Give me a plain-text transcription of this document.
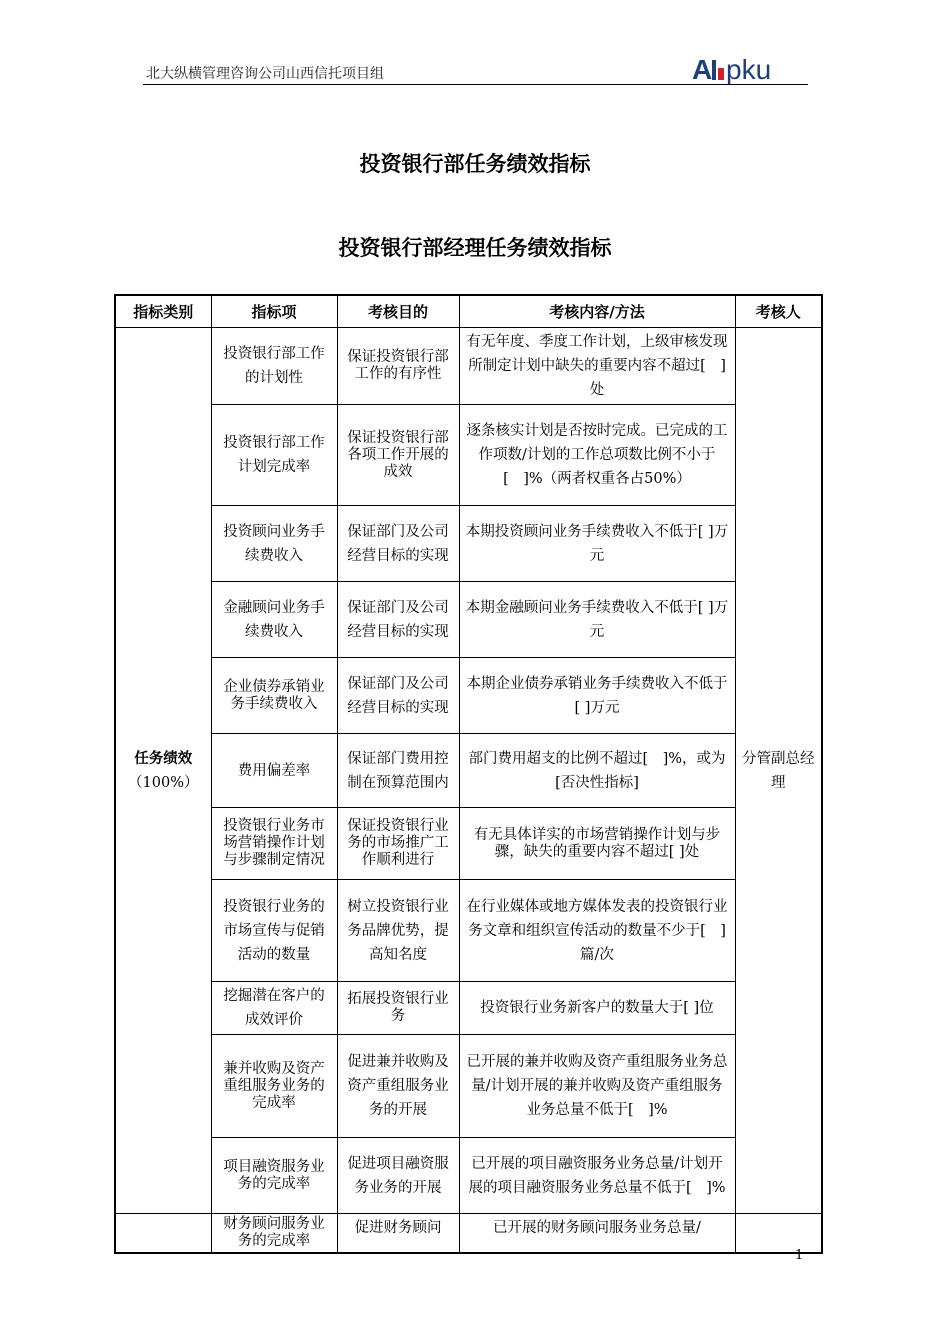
北大纵横管理咨询公司山西信托项目组	A pku
投资银行部任务绩效指标
投资银行部经理任务绩效指标
指标类别	指标项	考核目的	考核内容/方法	考核人

任务绩效
（100%）	投资银行部工作的计划性	保证投资银行部工作的有序性	有无年度、季度工作计划，上级审核发现所制定计划中缺失的重要内容不超过[　]处	分管副总经理
	投资银行部工作计划完成率	保证投资银行部各项工作开展的成效	逐条核实计划是否按时完成。已完成的工作项数/计划的工作总项数比例不小于[　]%（两者权重各占50%）	
	投资顾问业务手续费收入	保证部门及公司经营目标的实现	本期投资顾问业务手续费收入不低于[ ]万元	
	金融顾问业务手续费收入	保证部门及公司经营目标的实现	本期金融顾问业务手续费收入不低于[ ]万元	
	企业债券承销业务手续费收入	保证部门及公司经营目标的实现	本期企业债券承销业务手续费收入不低于[ ]万元	
	费用偏差率	保证部门费用控制在预算范围内	部门费用超支的比例不超过[　]%，或为[否决性指标]	
	投资银行业务市场营销操作计划与步骤制定情况	保证投资银行业务的市场推广工作顺利进行	有无具体详实的市场营销操作计划与步骤，缺失的重要内容不超过[ ]处	
	投资银行业务的市场宣传与促销活动的数量	树立投资银行业务品牌优势，提高知名度	在行业媒体或地方媒体发表的投资银行业务文章和组织宣传活动的数量不少于[　]篇/次	
	挖掘潜在客户的成效评价	拓展投资银行业务	投资银行业务新客户的数量大于[ ]位	
	兼并收购及资产重组服务业务的完成率	促进兼并收购及资产重组服务业务的开展	已开展的兼并收购及资产重组服务业务总量/计划开展的兼并收购及资产重组服务业务总量不低于[　]%	
	项目融资服务业务的完成率	促进项目融资服务业务的开展	已开展的项目融资服务业务总量/计划开展的项目融资服务业务总量不低于[　]%	
	财务顾问服务业务的完成率	促进财务顾问	已开展的财务顾问服务业务总量/	
1
